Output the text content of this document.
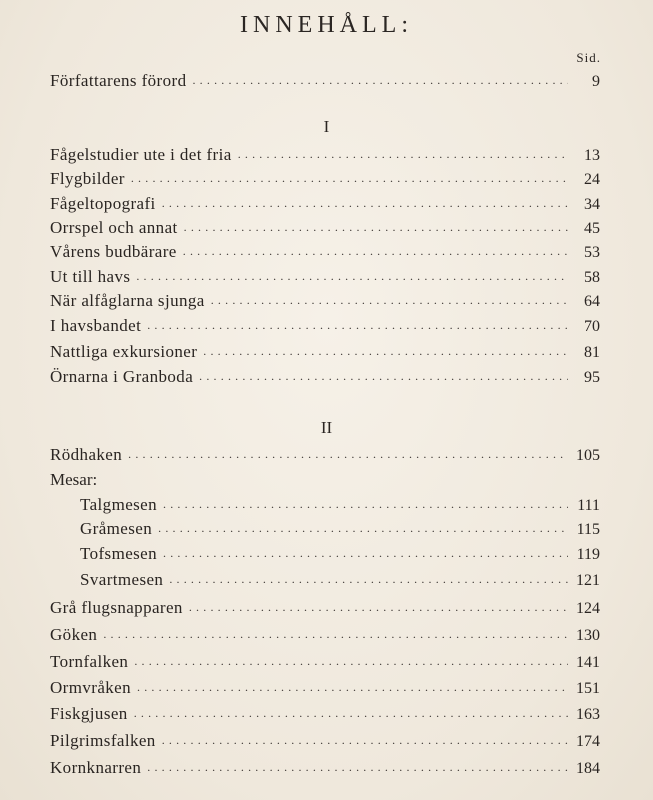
INNEHÅLL:
Sid.
Författarens förord . . .	9
I
Fågelstudier ute i det fria . . .	13
Flygbilder . . .	24
Fågeltopografi . . .	34
Orrspel och annat . . .	45
Vårens budbärare . . .	53
Ut till havs . . .	58
När alfåglarna sjunga . . .	64
I havsbandet . . .	70
Nattliga exkursioner . . .	81
Örnarna i Granboda . . .	95
II
Rödhaken . . .	105
Mesar:
Talgmesen . . .	111
Gråmesen . . .	115
Tofsmesen . . .	119
Svartmesen . . .	121
Grå flugsnapparen . . .	124
Göken . . .	130
Tornfalken . . .	141
Ormvråken . . .	151
Fiskgjusen . . .	163
Pilgrimsfalken . . .	174
Kornknarren . . .	184
